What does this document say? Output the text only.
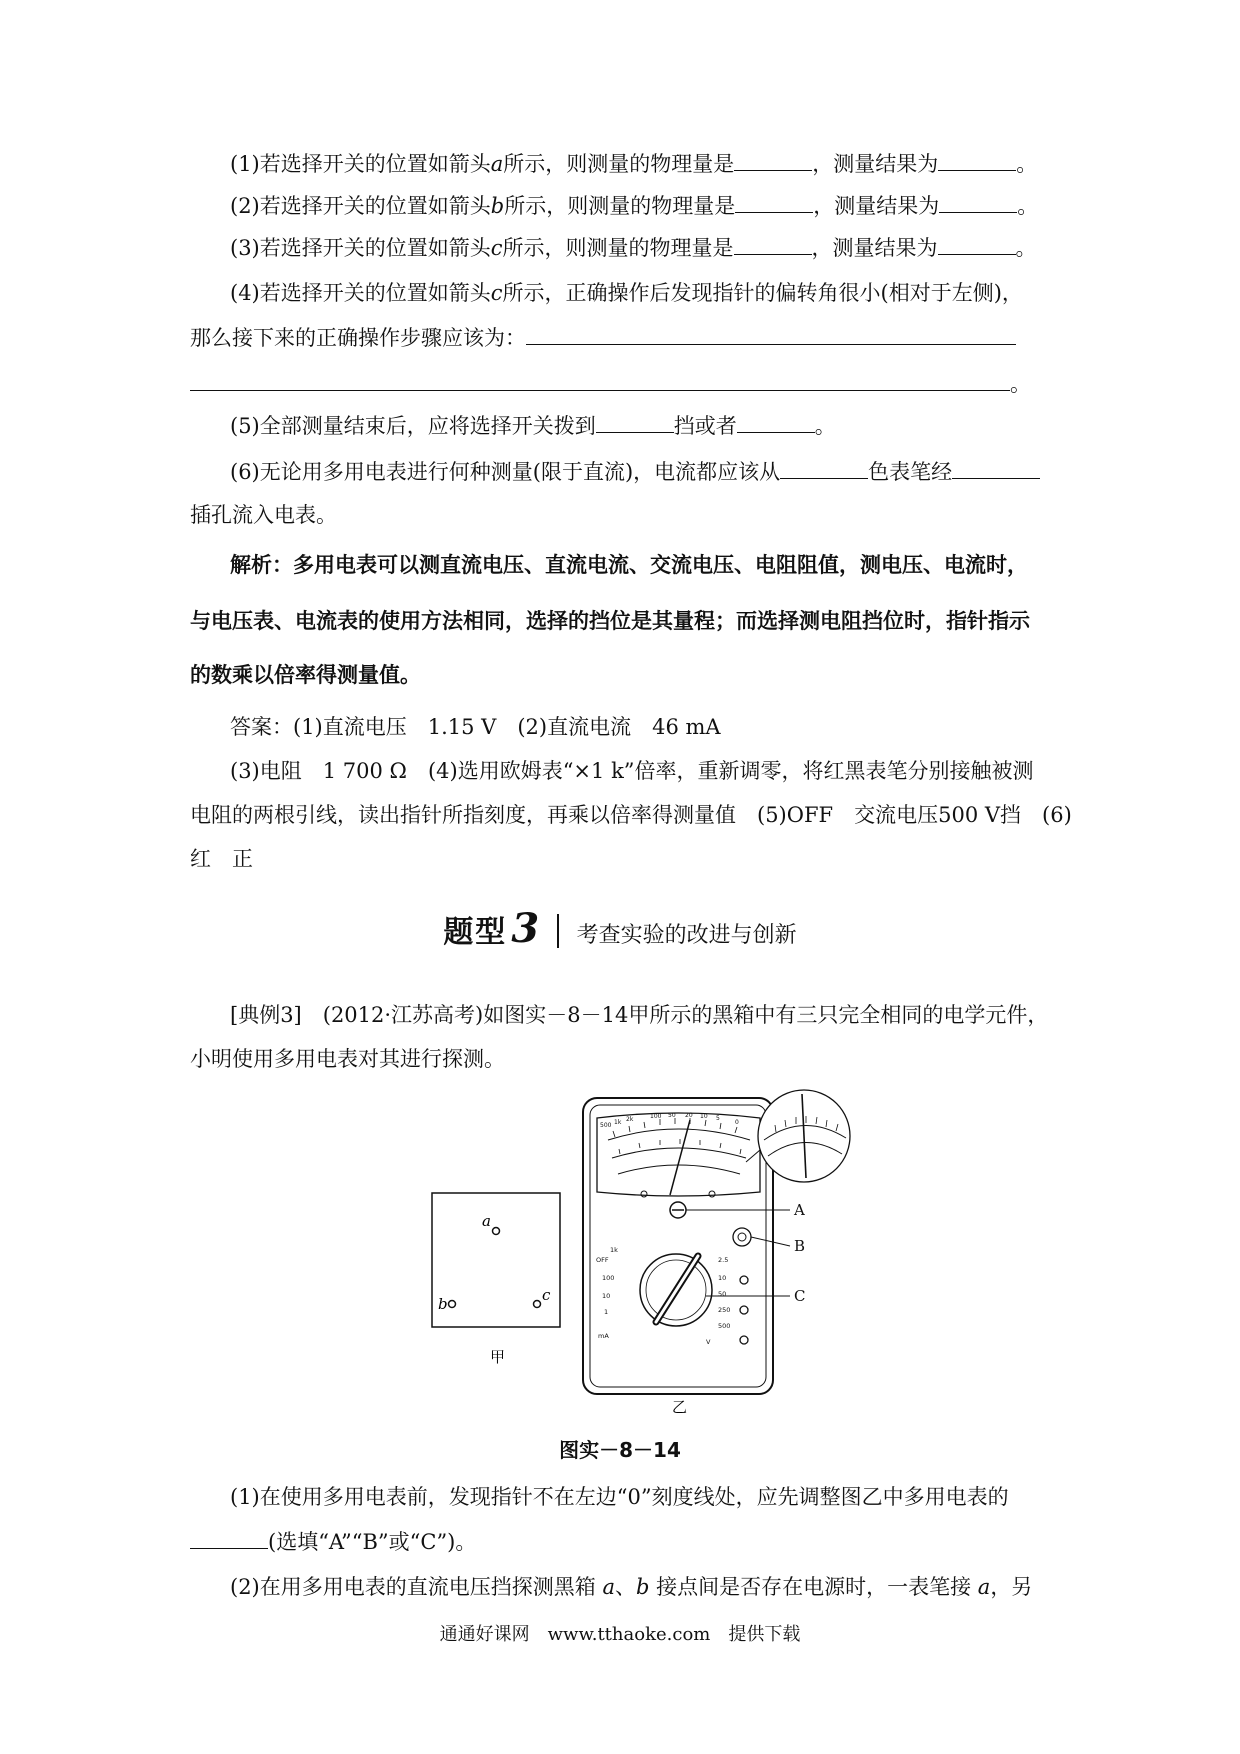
(1)若选择开关的位置如箭头a所示，则测量的物理量是	，测量结果为	。
(2)若选择开关的位置如箭头b所示，则测量的物理量是	，测量结果为	。
(3)若选择开关的位置如箭头c所示，则测量的物理量是	，测量结果为	。
(4)若选择开关的位置如箭头c所示，正确操作后发现指针的偏转角很小(相对于左侧)，
那么接下来的正确操作步骤应该为：
。
(5)全部测量结束后，应将选择开关拨到	挡或者	。
(6)无论用多用电表进行何种测量(限于直流)，电流都应该从	色表笔经
插孔流入电表。
解析：多用电表可以测直流电压、直流电流、交流电压、电阻阻值，测电压、电流时，
与电压表、电流表的使用方法相同，选择的挡位是其量程；而选择测电阻挡位时，指针指示
的数乘以倍率得测量值。
答案：(1)直流电压　1.15 V　(2)直流电流　46 mA
(3)电阻　1 700 Ω　(4)选用欧姆表“×1 k”倍率，重新调零，将红黑表笔分别接触被测
电阻的两根引线，读出指针所指刻度，再乘以倍率得测量值　(5)OFF　交流电压500 V挡　(6)
红　正
题型 3 考查实验的改进与创新
[典例3]　(2012·江苏高考)如图实－8－14甲所示的黑箱中有三只完全相同的电学元件，
小明使用多用电表对其进行探测。
a
b	c
甲
500 1k 2k	100 50 20 10 5
0
OFF
1k
100
10
1
2.5
10
50
250
500
mA
V
A
B
C
乙
图实－8－14
(1)在使用多用电表前，发现指针不在左边“0”刻度线处，应先调整图乙中多用电表的
(选填“A”“B”或“C”)。
(2)在用多用电表的直流电压挡探测黑箱 a、b 接点间是否存在电源时，一表笔接 a，另
通通好课网　www.tthaoke.com　提供下载
